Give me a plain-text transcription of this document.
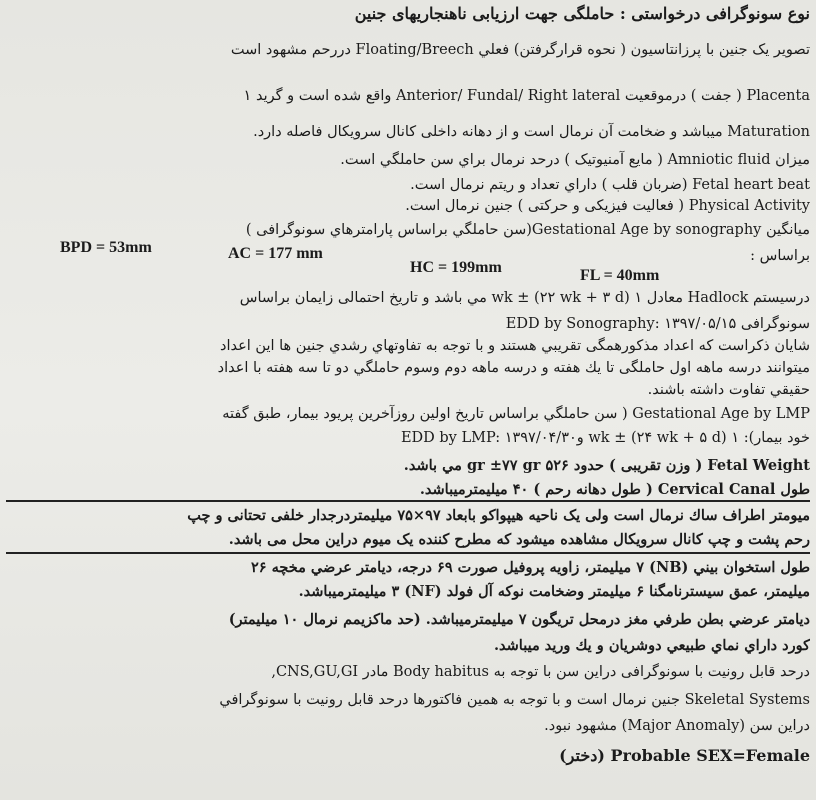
نوع سونوگرافی درخواستی : حاملگی جهت ارزیابی ناهنجاریهای جنین
تصویر یک جنین با پرزانتاسیون ( نحوه قرارگرفتن) فعلي Floating/Breech دررحم مشهود است
Placenta ( جفت ) درموقعیت Anterior/ Fundal/ Right lateral واقع شده است و گرید ۱
Maturation میباشد و ضخامت آن نرمال است و از دهانه داخلی کانال سرویکال فاصله دارد.
میزان Amniotic fluid ( مایع آمنیوتیک ) درحد نرمال براي سن حاملگي است.
Fetal heart beat (ضربان قلب ) داراي تعداد و ریتم نرمال است.
Physical Activity ( فعالیت فیزیکی و حرکتی ) جنین نرمال است.
میانگین Gestational Age by sonography(سن حاملگي براساس پارامترهاي سونوگرافی )
براساس :
BPD = 53mm	AC = 177 mm
HC = 199mm	FL = 40mm
درسیستم Hadlock معادل ۱ wk ± (۲۲ wk + ۳ d) مي باشد و تاریخ احتمالی زایمان براساس
سونوگرافی EDD by Sonography: ۱۳۹۷/۰۵/۱۵
شایان ذکراست که اعداد مذکورهمگی تقریبي هستند و با توجه به تفاوتهاي رشدي جنین ها این اعداد
میتوانند درسه ماهه اول حاملگی تا یك هفته و درسه ماهه دوم وسوم حاملگي دو تا سه هفته با اعداد
حقیقي تفاوت داشته باشند.
Gestational Age by LMP ( سن حاملگي براساس تاریخ اولین روزآخرین پریود بیمار، طبق گفته
خود بیمار): ۱ wk ± (۲۴ wk + ۵ d) وEDD by LMP: ۱۳۹۷/۰۴/۳۰
Fetal Weight ( وزن تقریبی ) حدود ۵۲۶ gr ±۷۷ gr مي باشد.
طول Cervical Canal ( طول دهانه رحم ) ۴۰ میلیمترمیباشد.
میومتر اطراف ساك نرمال است ولی یک ناحیه هیپواکو بابعاد ۹۷×۷۵ میلیمتردرجدار خلفی تحتانی و چپ
رحم پشت و چپ کانال سرویکال مشاهده میشود که مطرح کننده یک میوم دراین محل می باشد.
طول استخوان بيني (NB) ۷ ميليمتر، زاويه پروفيل صورت ۶۹ درجه، ديامتر عرضي مخچه ۲۶
ميليمتر، عمق سيسترنامگنا ۶ ميليمتر وضخامت نوكه آل فولد (NF) ۳ ميليمترميباشد.
ديامتر عرضي بطن طرفي مغز درمحل تريگون ۷ ميليمترميباشد. (حد ماکزیمم نرمال ۱۰ میلیمتر)
كورد داراي نماي طبيعي دوشريان و يك وريد ميباشد.
درحد قابل رونیت با سونوگرافی دراین سن با توجه به Body habitus مادر CNS,GU,GI,
Skeletal Systems جنین نرمال است و با توجه به همین فاکتورها درحد قابل رونیت با سونوگرافي
دراین سن (Major Anomaly) مشهود نبود.
Probable SEX=Female (دختر)
